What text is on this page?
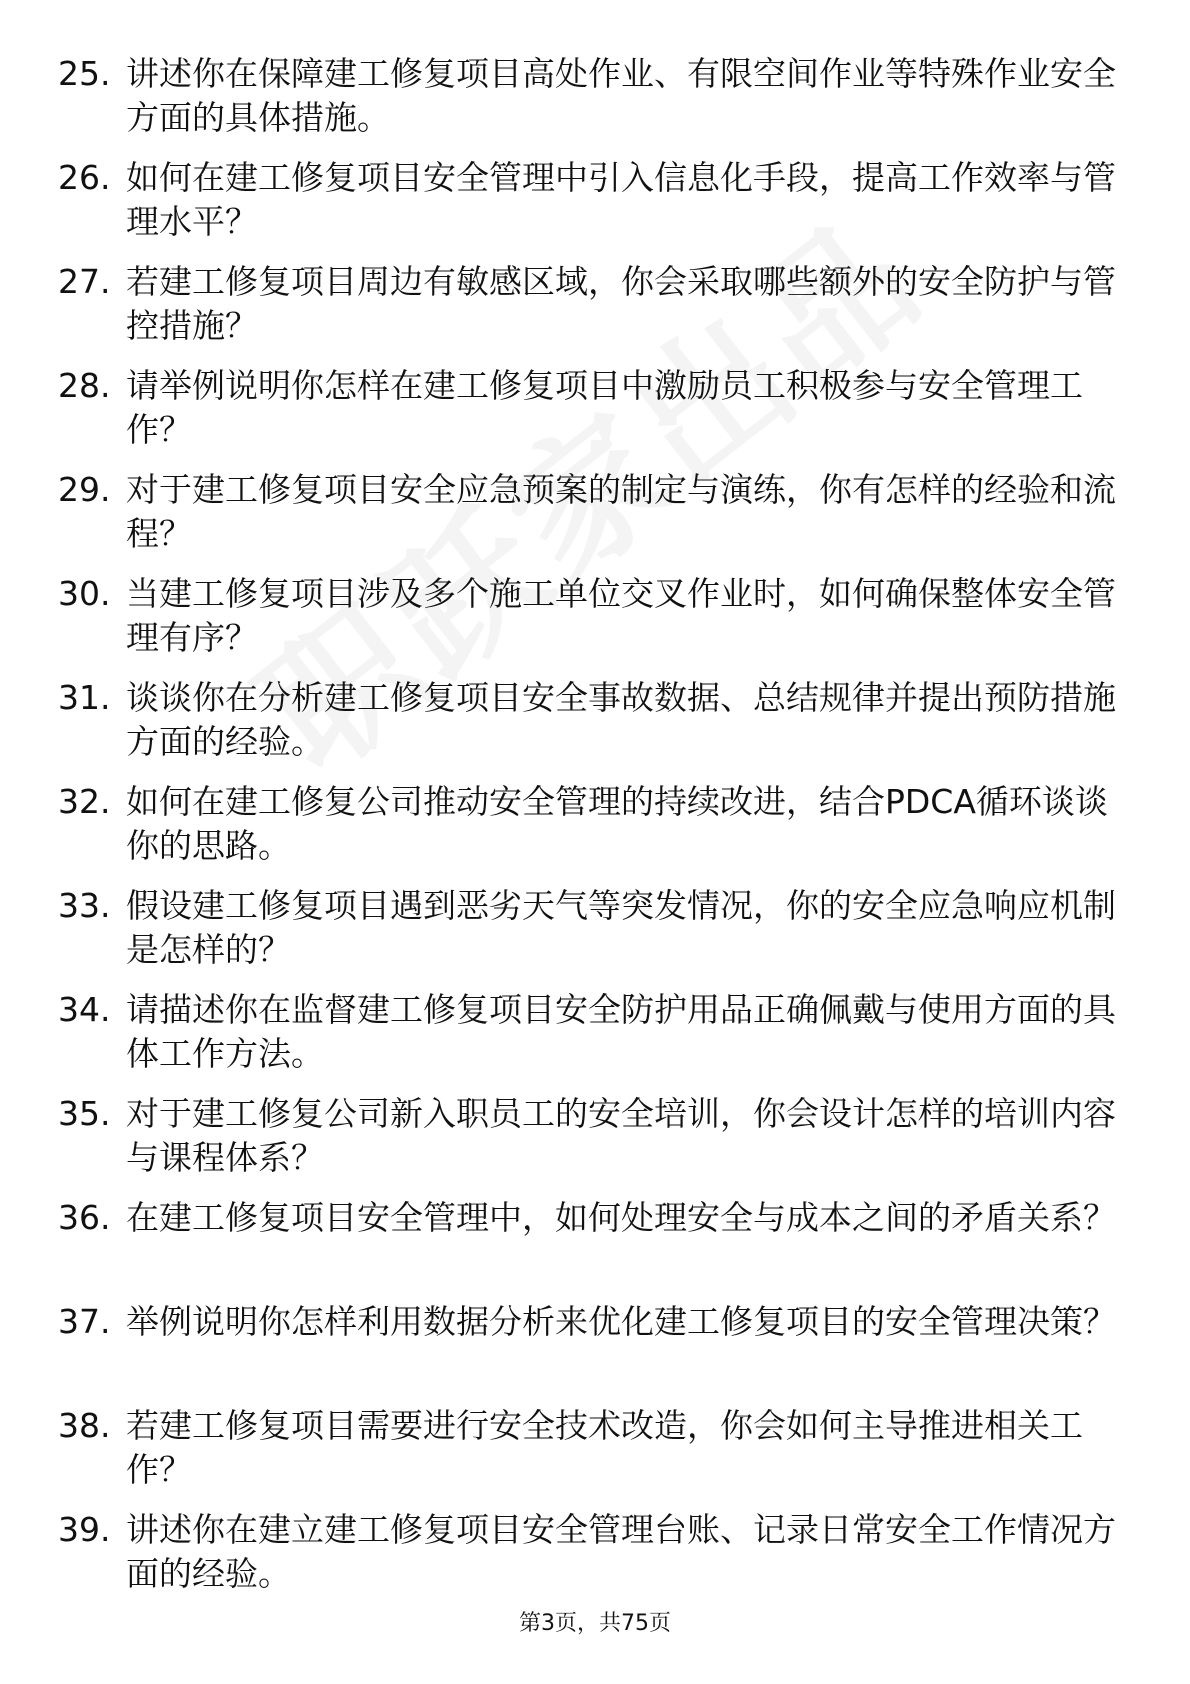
25. 讲述你在保障建工修复项目高处作业、有限空间作业等特殊作业安全方面的具体措施。
26. 如何在建工修复项目安全管理中引入信息化手段，提高工作效率与管理水平？
27. 若建工修复项目周边有敏感区域，你会采取哪些额外的安全防护与管控措施？
28. 请举例说明你怎样在建工修复项目中激励员工积极参与安全管理工作？
29. 对于建工修复项目安全应急预案的制定与演练，你有怎样的经验和流程？
30. 当建工修复项目涉及多个施工单位交叉作业时，如何确保整体安全管理有序？
31. 谈谈你在分析建工修复项目安全事故数据、总结规律并提出预防措施方面的经验。
32. 如何在建工修复公司推动安全管理的持续改进，结合PDCA循环谈谈你的思路。
33. 假设建工修复项目遇到恶劣天气等突发情况，你的安全应急响应机制是怎样的？
34. 请描述你在监督建工修复项目安全防护用品正确佩戴与使用方面的具体工作方法。
35. 对于建工修复公司新入职员工的安全培训，你会设计怎样的培训内容与课程体系？
36. 在建工修复项目安全管理中，如何处理安全与成本之间的矛盾关系？
37. 举例说明你怎样利用数据分析来优化建工修复项目的安全管理决策？
38. 若建工修复项目需要进行安全技术改造，你会如何主导推进相关工作？
39. 讲述你在建立建工修复项目安全管理台账、记录日常安全工作情况方面的经验。
第3页，共75页
